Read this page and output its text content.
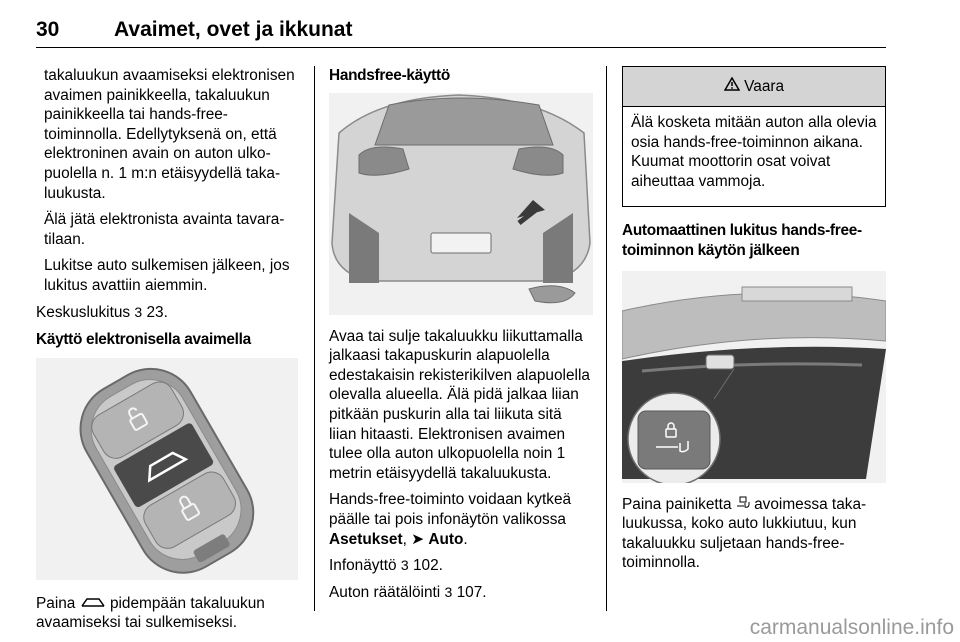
30	Avaimet, ovet ja ikkunat

takaluukun avaamiseksi elektronisen avaimen painikkeella, takaluukun painikkeella tai hands-free-toiminnolla. Edellytyksenä on, että elektroninen avain on auton ulkopuolella n. 1 m:n etäisyydellä takaluukusta.

Älä jätä elektronista avainta tavaratilaan.

Lukitse auto sulkemisen jälkeen, jos lukitus avattiin aiemmin.

Keskuslukitus 3 23.

Käyttö elektronisella avaimella

Paina pidempään takaluukun avaamiseksi tai sulkemiseksi.

Handsfree-käyttö

Avaa tai sulje takaluukku liikuttamalla jalkaasi takapuskurin alapuolella edestakaisin rekisterikilven alapuolella olevalla alueella. Älä pidä jalkaa liian pitkään puskurin alla tai liikuta sitä liian hitaasti. Elektronisen avaimen tulee olla auton ulkopuolella noin 1 metrin etäisyydellä takaluukusta.

Hands-free-toiminto voidaan kytkeä päälle tai pois infonäytön valikossa Asetukset, ➤ Auto.

Infonäyttö 3 102.

Auton räätälöinti 3 107.

Vaara

Älä kosketa mitään auton alla olevia osia hands-free-toiminnon aikana. Kuumat moottorin osat voivat aiheuttaa vammoja.

Automaattinen lukitus hands-free-toiminnon käytön jälkeen

Paina painiketta avoimessa takaluukussa, koko auto lukkiutuu, kun takaluukku suljetaan hands-free-toiminnolla.

carmanualsonline.info
